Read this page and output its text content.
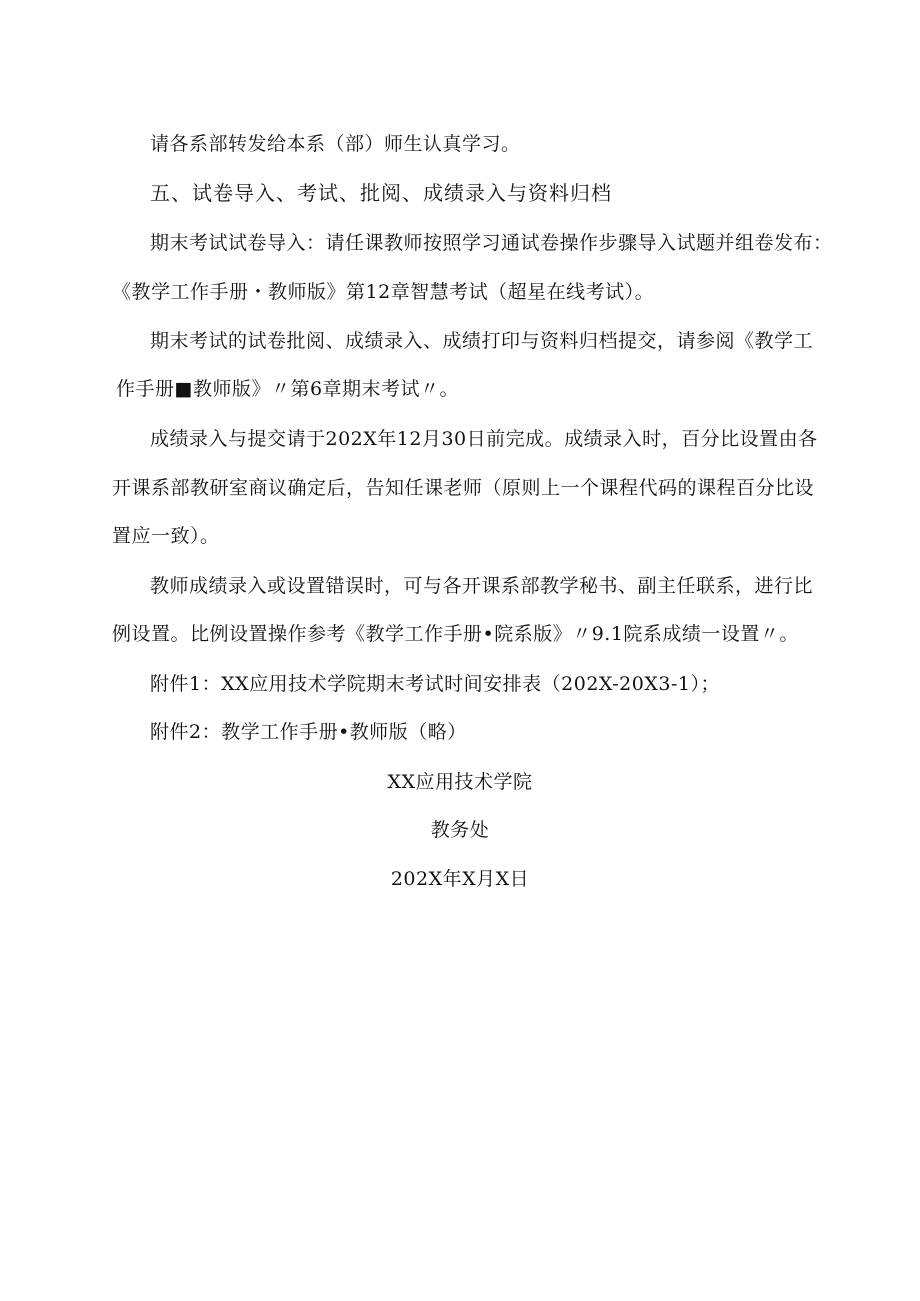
请各系部转发给本系（部）师生认真学习。
五、试卷导入、考试、批阅、成绩录入与资料归档
期末考试试卷导入：请任课教师按照学习通试卷操作步骤导入试题并组卷发布：
《教学工作手册・教师版》第12章智慧考试（超星在线考试）。
期末考试的试卷批阅、成绩录入、成绩打印与资料归档提交，请参阅《教学工
作手册■教师版》〃第6章期末考试〃。
成绩录入与提交请于202X年12月30日前完成。成绩录入时，百分比设置由各
开课系部教研室商议确定后，告知任课老师（原则上一个课程代码的课程百分比设
置应一致）。
教师成绩录入或设置错误时，可与各开课系部教学秘书、副主任联系，进行比
例设置。比例设置操作参考《教学工作手册•院系版》〃9.1院系成绩一设置〃。
附件1：XX应用技术学院期末考试时间安排表（202X-20X3-1）；
附件2：教学工作手册•教师版（略）
XX应用技术学院
教务处
202X年X月X日
